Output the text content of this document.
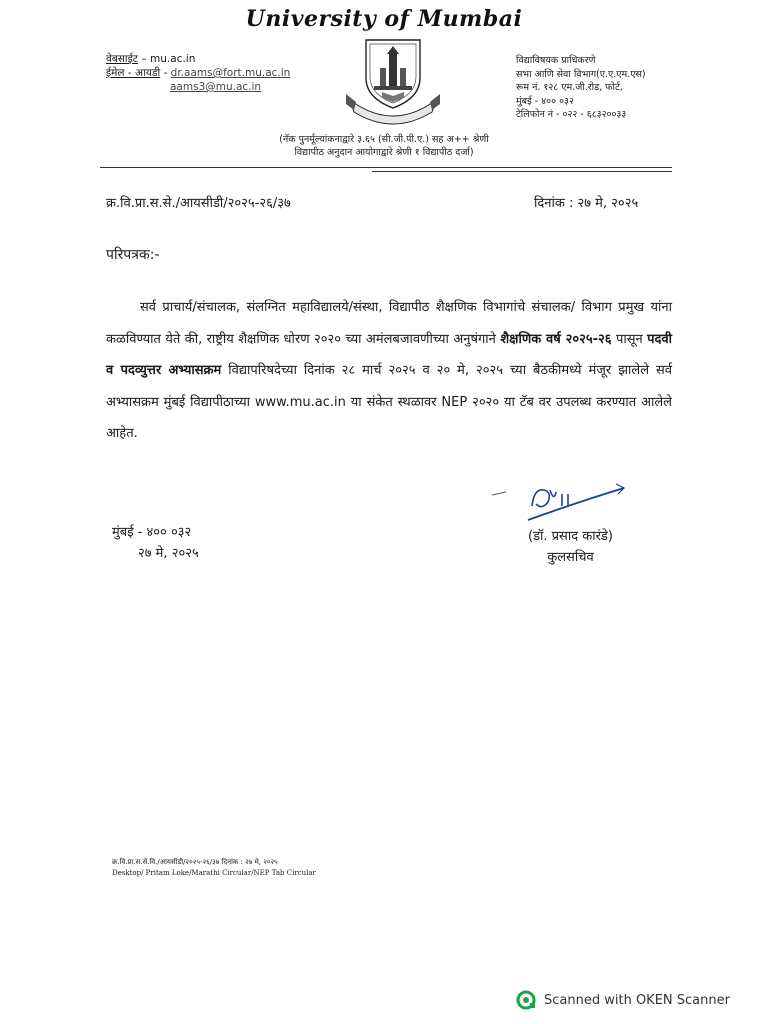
University of Mumbai
वेबसाईट – mu.ac.in
ईमेल - आयडी - dr.aams@fort.mu.ac.in
aams3@mu.ac.in
विद्याविषयक प्राधिकरणे
सभा आणि सेवा विभाग(ए.ए.एम.एस)
रूम नं. १२८ एम.जी.रोड, फोर्ट,
मुंबई - ४०० ०३२
टेलिफोन नं - ०२२ - ६८३२००३३
(नॅक पुनर्मूल्यांकनाद्वारे ३.६५ (सी.जी.पी.ए.) सह अ++ श्रेणी
विद्यापीठ अनुदान आयोगाद्वारे श्रेणी १ विद्यापीठ दर्जा)
क्र.वि.प्रा.स.से./आयसीडी/२०२५-२६/३७	दिनांक : २७ मे, २०२५
परिपत्रक:-
सर्व प्राचार्य/संचालक, संलग्नित महाविद्यालये/संस्था, विद्यापीठ शैक्षणिक विभागांचे संचालक/ विभाग प्रमुख यांना कळविण्यात येते की, राष्ट्रीय शैक्षणिक धोरण २०२० च्या अमंलबजावणीच्या अनुषंगाने शैक्षणिक वर्ष २०२५-२६ पासून पदवी व पदव्युत्तर अभ्यासक्रम विद्यापरिषदेच्या दिनांक २८ मार्च २०२५ व २० मे, २०२५ च्या बैठकीमध्ये मंजूर झालेले सर्व अभ्यासक्रम मुंबई विद्यापीठाच्या www.mu.ac.in या संकेत स्थळावर NEP २०२० या टॅब वर उपलब्ध करण्यात आलेले आहेत.
मुंबई - ४०० ०३२
२७ मे, २०२५
(डॉ. प्रसाद कारंडे)
कुलसचिव
क्र.वि.प्रा.स.से.वि./आयसीडी/२०२५-२६/३७ दिनांक : २७ मे, २०२५
Desktop/ Pritam Loke/Marathi Circular/NEP Tab Circular
Scanned with OKEN Scanner
